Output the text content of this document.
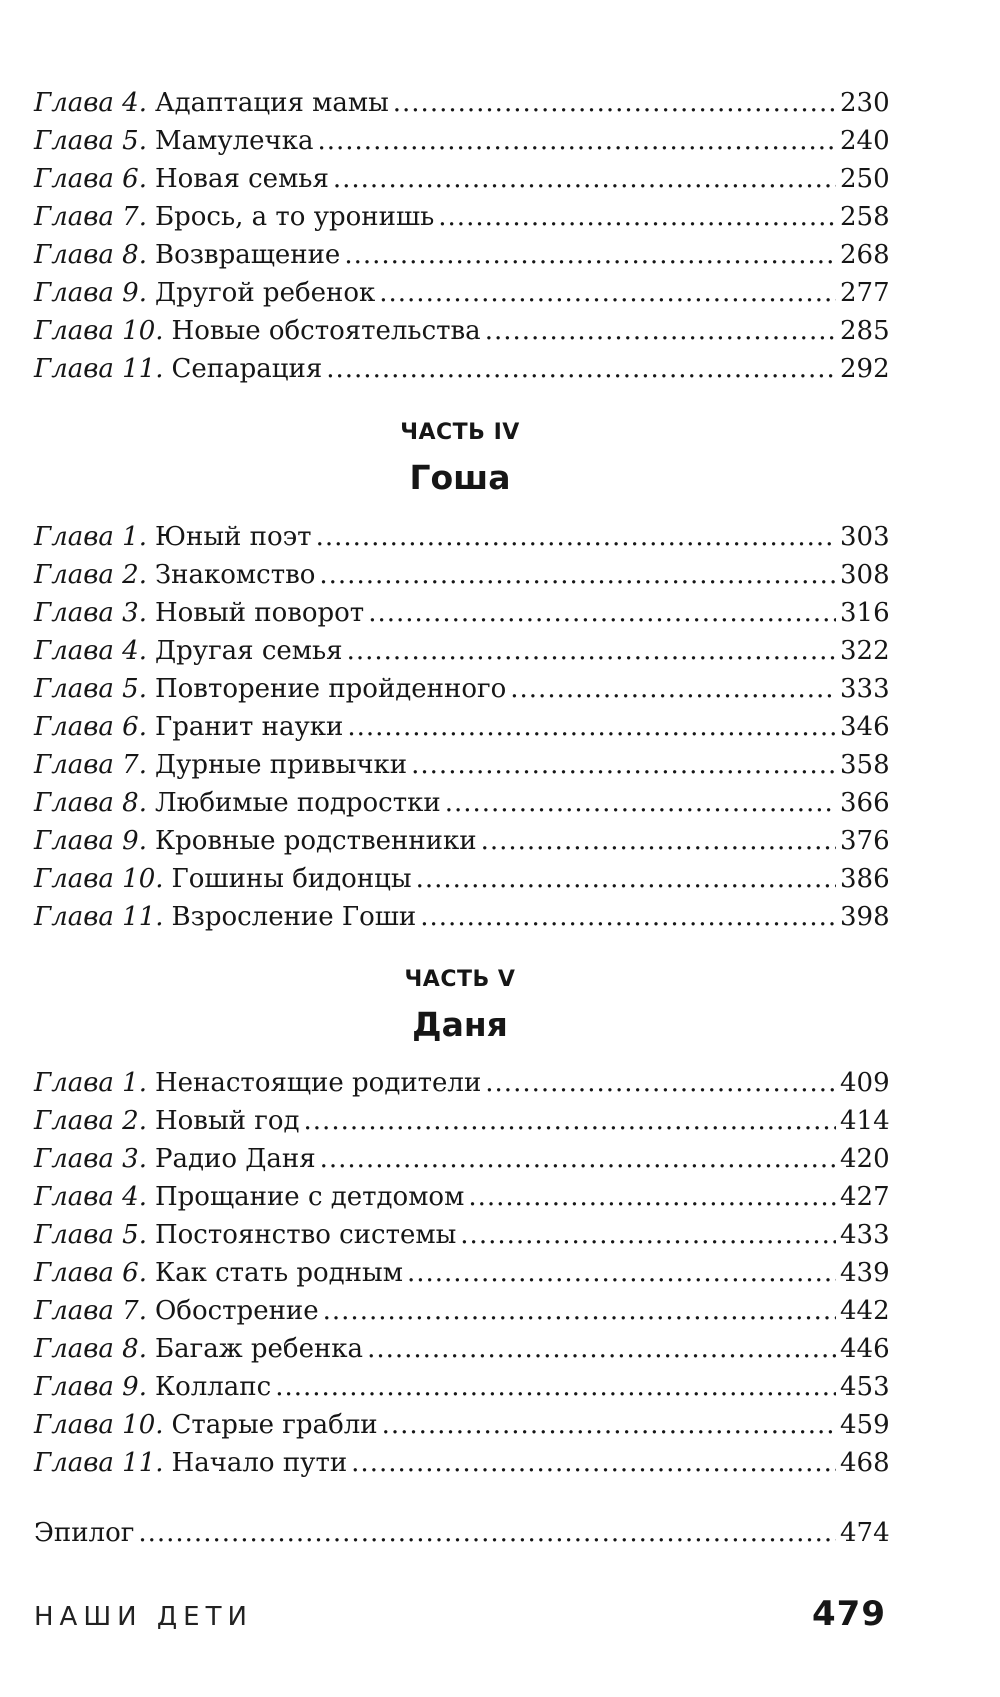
Глава 4. Адаптация мамы .....	230
Глава 5. Мамулечка .....	240
Глава 6. Новая семья .....	250
Глава 7. Брось, а то уронишь .....	258
Глава 8. Возвращение .....	268
Глава 9. Другой ребенок .....	277
Глава 10. Новые обстоятельства .....	285
Глава 11. Сепарация .....	292
ЧАСТЬ IV
Гоша
Глава 1. Юный поэт .....	303
Глава 2. Знакомство .....	308
Глава 3. Новый поворот .....	316
Глава 4. Другая семья .....	322
Глава 5. Повторение пройденного .....	333
Глава 6. Гранит науки .....	346
Глава 7. Дурные привычки .....	358
Глава 8. Любимые подростки .....	366
Глава 9. Кровные родственники .....	376
Глава 10. Гошины бидонцы .....	386
Глава 11. Взросление Гоши .....	398
ЧАСТЬ V
Даня
Глава 1. Ненастоящие родители .....	409
Глава 2. Новый год .....	414
Глава 3. Радио Даня .....	420
Глава 4. Прощание с детдомом .....	427
Глава 5. Постоянство системы .....	433
Глава 6. Как стать родным .....	439
Глава 7. Обострение .....	442
Глава 8. Багаж ребенка .....	446
Глава 9. Коллапс .....	453
Глава 10. Старые грабли .....	459
Глава 11. Начало пути .....	468
Эпилог .....	474
НАШИ ДЕТИ	479
